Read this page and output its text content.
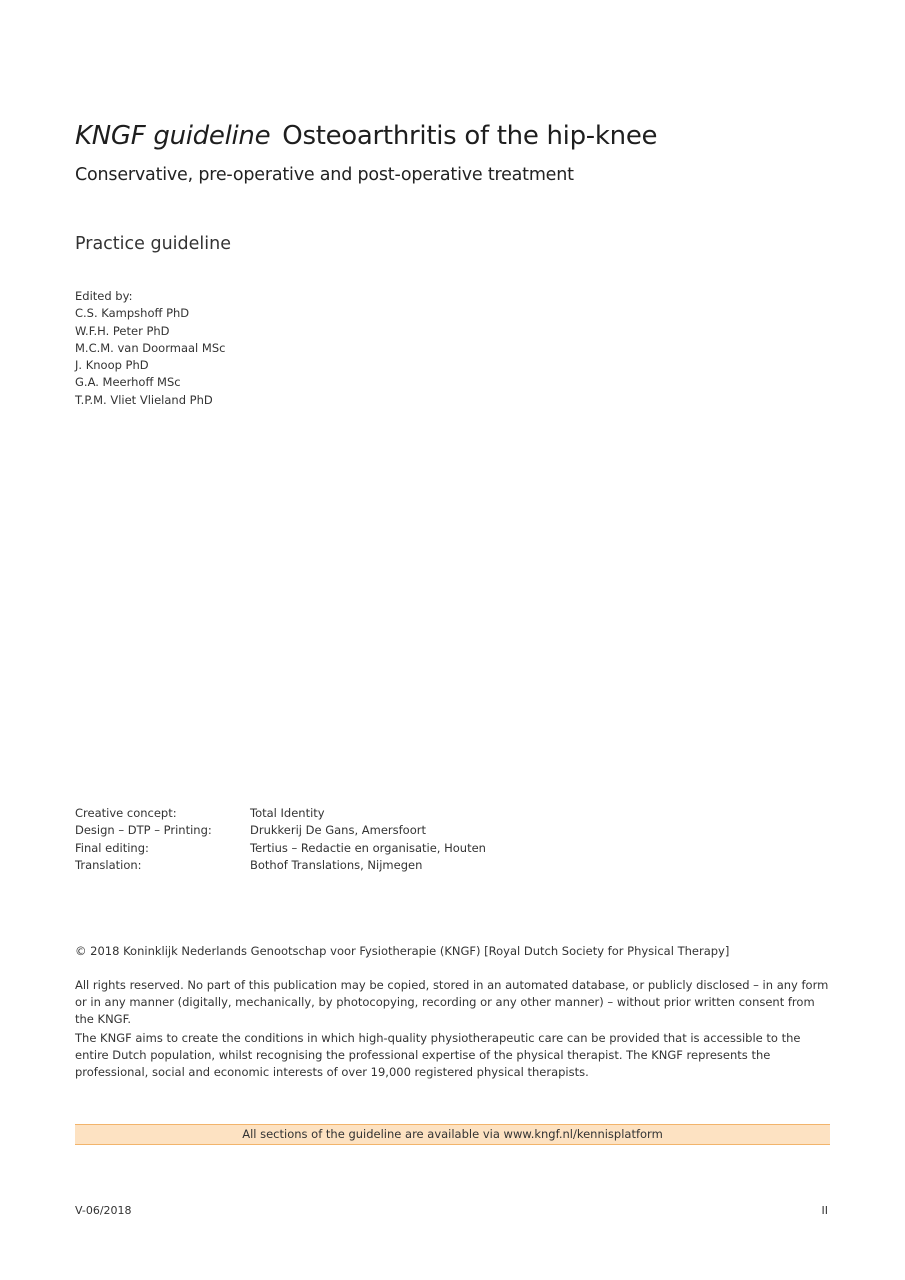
KNGF guideline Osteoarthritis of the hip-knee
Conservative, pre-operative and post-operative treatment
Practice guideline
Edited by:
C.S. Kampshoff PhD
W.F.H. Peter PhD
M.C.M. van Doormaal MSc
J. Knoop PhD
G.A. Meerhoff MSc
T.P.M. Vliet Vlieland PhD
Creative concept:	Total Identity
Design – DTP – Printing:	Drukkerij De Gans, Amersfoort
Final editing:	Tertius – Redactie en organisatie, Houten
Translation:	Bothof Translations, Nijmegen
© 2018 Koninklijk Nederlands Genootschap voor Fysiotherapie (KNGF) [Royal Dutch Society for Physical Therapy]
All rights reserved. No part of this publication may be copied, stored in an automated database, or publicly disclosed – in any form or in any manner (digitally, mechanically, by photocopying, recording or any other manner) – without prior written consent from the KNGF.
The KNGF aims to create the conditions in which high-quality physiotherapeutic care can be provided that is accessible to the entire Dutch population, whilst recognising the professional expertise of the physical therapist. The KNGF represents the professional, social and economic interests of over 19,000 registered physical therapists.
All sections of the guideline are available via www.kngf.nl/kennisplatform
V-06/2018	II
